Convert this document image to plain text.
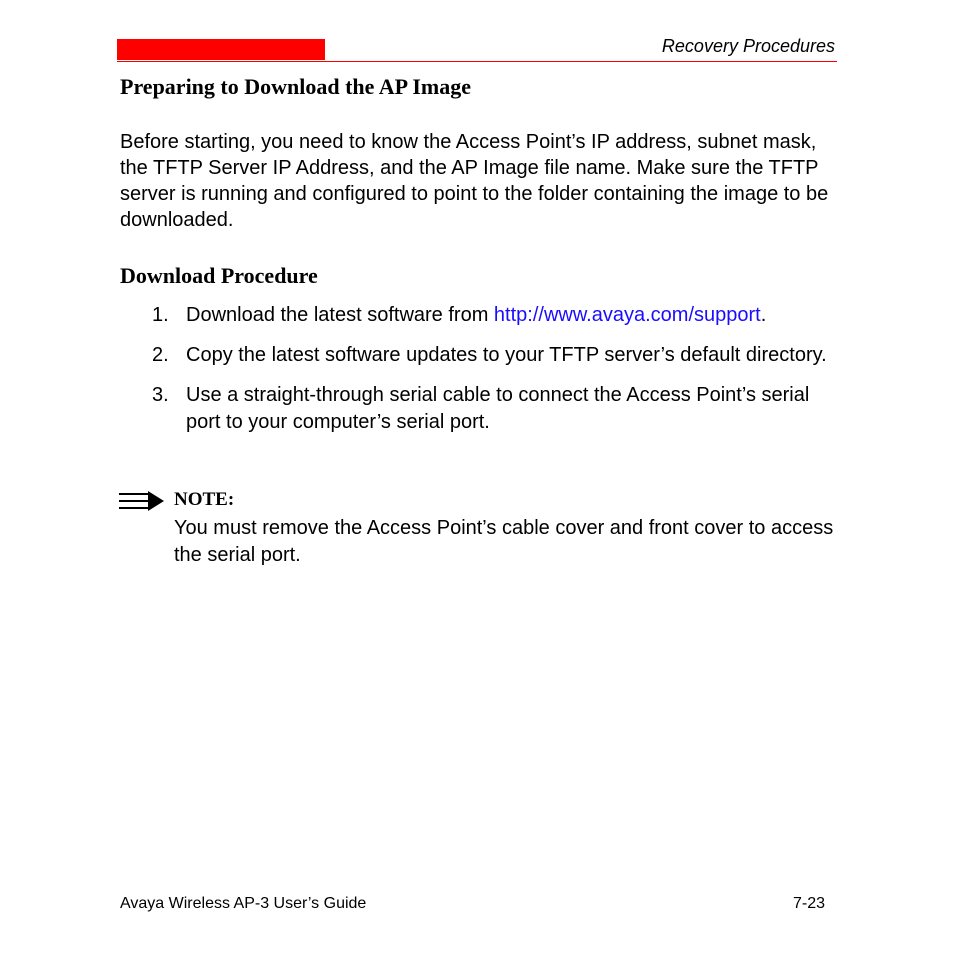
Recovery Procedures
Preparing to Download the AP Image

Before starting, you need to know the Access Point’s IP address, subnet mask, the TFTP Server IP Address, and the AP Image file name. Make sure the TFTP server is running and configured to point to the folder containing the image to be downloaded.

Download Procedure
1. Download the latest software from http://www.avaya.com/support.
2. Copy the latest software updates to your TFTP server’s default directory.
3. Use a straight-through serial cable to connect the Access Point’s serial port to your computer’s serial port.
NOTE:

You must remove the Access Point’s cable cover and front cover to access the serial port.

Avaya Wireless AP-3 User’s Guide	7-23
